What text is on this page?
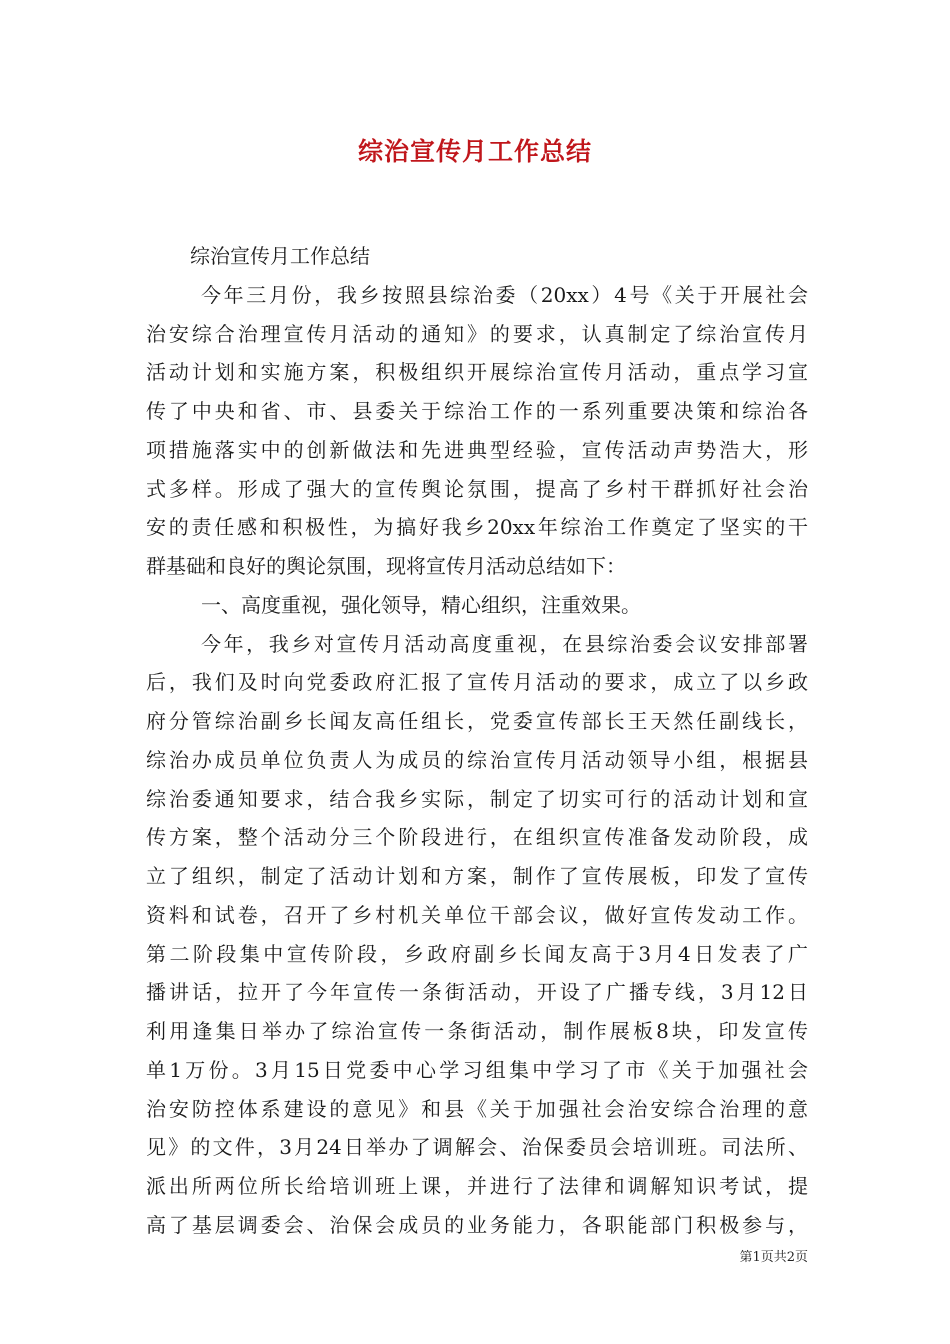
综治宣传月工作总结
综治宣传月工作总结
今年三月份，我乡按照县综治委（20xx）4号《关于开展社会
治安综合治理宣传月活动的通知》的要求，认真制定了综治宣传月
活动计划和实施方案，积极组织开展综治宣传月活动，重点学习宣
传了中央和省、市、县委关于综治工作的一系列重要决策和综治各
项措施落实中的创新做法和先进典型经验，宣传活动声势浩大，形
式多样。形成了强大的宣传舆论氛围，提高了乡村干群抓好社会治
安的责任感和积极性，为搞好我乡20xx年综治工作奠定了坚实的干
群基础和良好的舆论氛围，现将宣传月活动总结如下：
一、高度重视，强化领导，精心组织，注重效果。
今年，我乡对宣传月活动高度重视，在县综治委会议安排部署
后，我们及时向党委政府汇报了宣传月活动的要求，成立了以乡政
府分管综治副乡长闻友高任组长，党委宣传部长王天然任副线长，
综治办成员单位负责人为成员的综治宣传月活动领导小组，根据县
综治委通知要求，结合我乡实际，制定了切实可行的活动计划和宣
传方案，整个活动分三个阶段进行，在组织宣传准备发动阶段，成
立了组织，制定了活动计划和方案，制作了宣传展板，印发了宣传
资料和试卷，召开了乡村机关单位干部会议，做好宣传发动工作。
第二阶段集中宣传阶段，乡政府副乡长闻友高于3月4日发表了广
播讲话，拉开了今年宣传一条街活动，开设了广播专线，3月12日
利用逢集日举办了综治宣传一条街活动，制作展板8块，印发宣传
单1万份。3月15日党委中心学习组集中学习了市《关于加强社会
治安防控体系建设的意见》和县《关于加强社会治安综合治理的意
见》的文件，3月24日举办了调解会、治保委员会培训班。司法所、
派出所两位所长给培训班上课，并进行了法律和调解知识考试，提
高了基层调委会、治保会成员的业务能力，各职能部门积极参与，
第1页共2页
